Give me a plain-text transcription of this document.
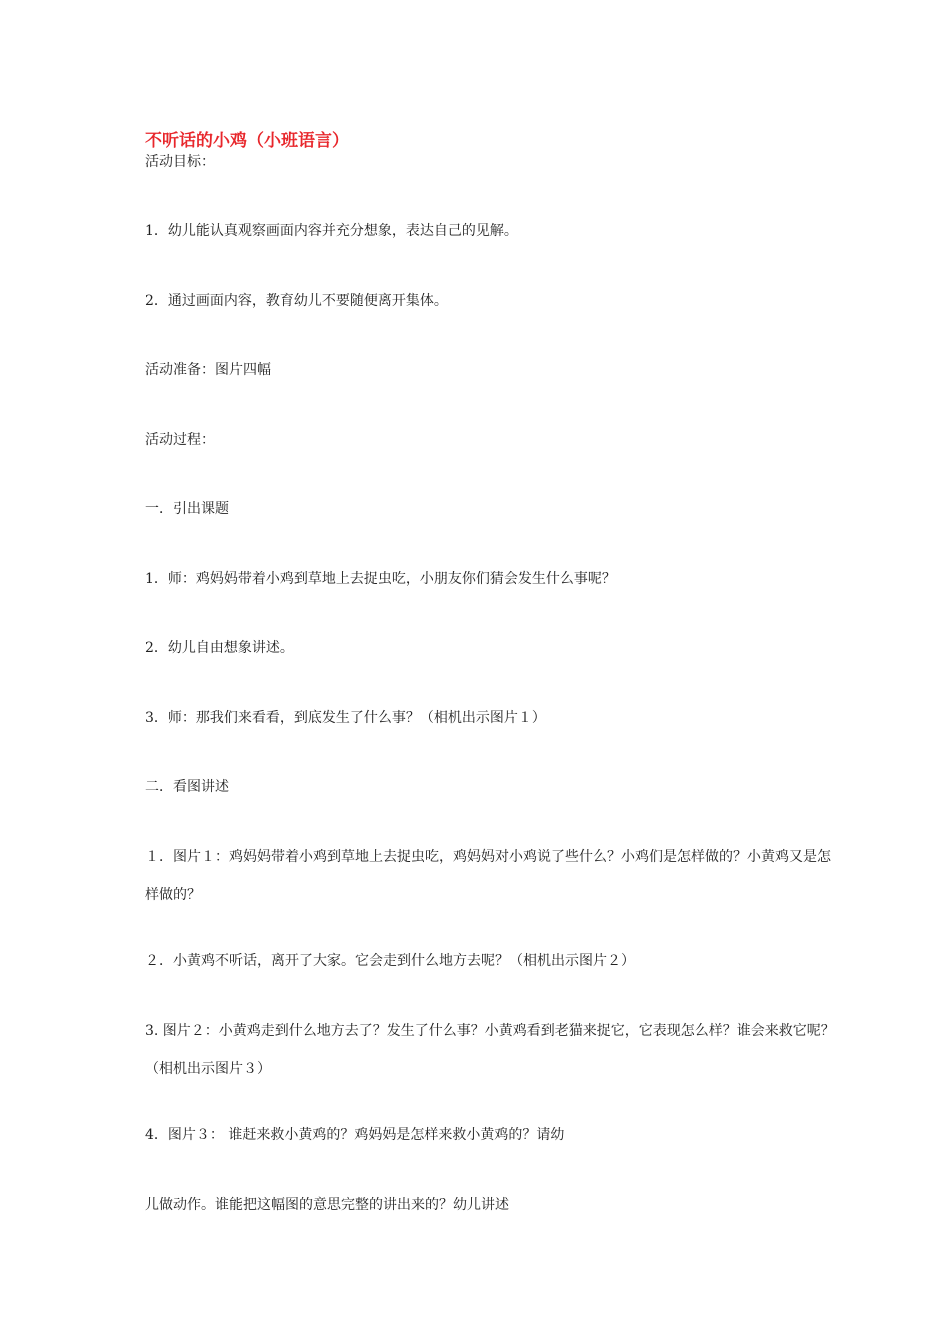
不听话的小鸡（小班语言）
活动目标：
1．幼儿能认真观察画面内容并充分想象，表达自己的见解。
2．通过画面内容，教育幼儿不要随便离开集体。
活动准备：图片四幅
活动过程：
一．引出课题
1．师：鸡妈妈带着小鸡到草地上去捉虫吃，小朋友你们猜会发生什么事呢？
2．幼儿自由想象讲述。
3．师：那我们来看看，到底发生了什么事？（相机出示图片１）
二．看图讲述
１．图片１：鸡妈妈带着小鸡到草地上去捉虫吃，鸡妈妈对小鸡说了些什么？小鸡们是怎样做的？小黄鸡又是怎样做的？
２．小黄鸡不听话，离开了大家。它会走到什么地方去呢？（相机出示图片２）
3. 图片２：小黄鸡走到什么地方去了？发生了什么事？小黄鸡看到老猫来捉它，它表现怎么样？谁会来救它呢？（相机出示图片３）
4．图片３： 谁赶来救小黄鸡的？鸡妈妈是怎样来救小黄鸡的？请幼
儿做动作。谁能把这幅图的意思完整的讲出来的？幼儿讲述
